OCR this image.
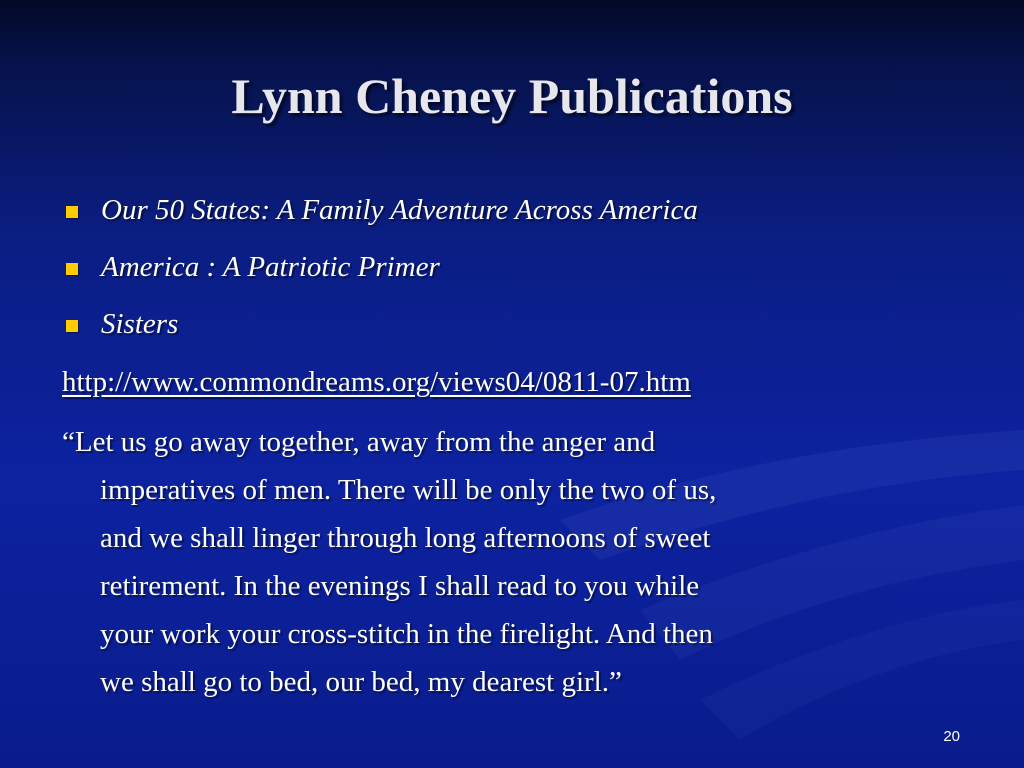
Lynn Cheney Publications
Our 50 States: A Family Adventure Across America
America : A Patriotic Primer
Sisters
http://www.commondreams.org/views04/0811-07.htm
“Let us go away together, away from the anger and
imperatives of men. There will be only the two of us,
and we shall linger through long afternoons of sweet
retirement. In the evenings I shall read to you while
your work your cross-stitch in the firelight. And then
we shall go to bed, our bed, my dearest girl.”
20
